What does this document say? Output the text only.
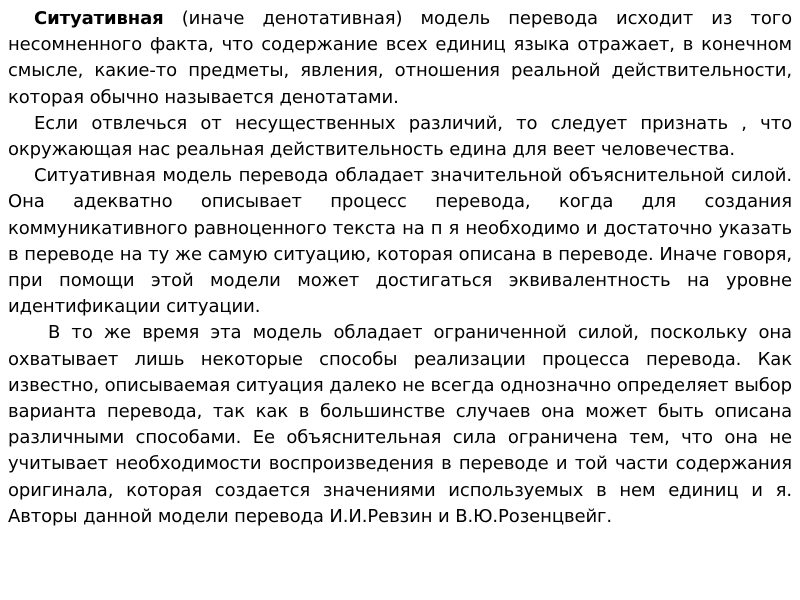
Ситуативная (иначе денотативная) модель перевода исходит из того несомненного факта, что содержание всех единиц языка отражает, в конечном смысле, какие-то предметы, явления, отношения реальной действительности, которая обычно называется денотатами.

Если отвлечься от несущественных различий, то следует признать , что окружающая нас реальная действительность едина для веет человечества.

Ситуативная модель перевода обладает значительной объяснительной силой. Она адекватно описывает процесс перевода, когда для создания коммуникативного равноценного текста на п я необходимо и достаточно указать в переводе на ту же самую ситуацию, которая описана в переводе. Иначе говоря, при помощи этой модели может достигаться эквивалентность на уровне идентификации ситуации.

В то же время эта модель обладает ограниченной силой, поскольку она охватывает лишь некоторые способы реализации процесса перевода. Как известно, описываемая ситуация далеко не всегда однозначно определяет выбор варианта перевода, так как в большинстве случаев она может быть описана различными способами. Ее объяснительная сила ограничена тем, что она не учитывает необходимости воспроизведения в переводе и той части содержания оригинала, которая создается значениями используемых в нем единиц и я. Авторы данной модели перевода И.И.Ревзин и В.Ю.Розенцвейг.
